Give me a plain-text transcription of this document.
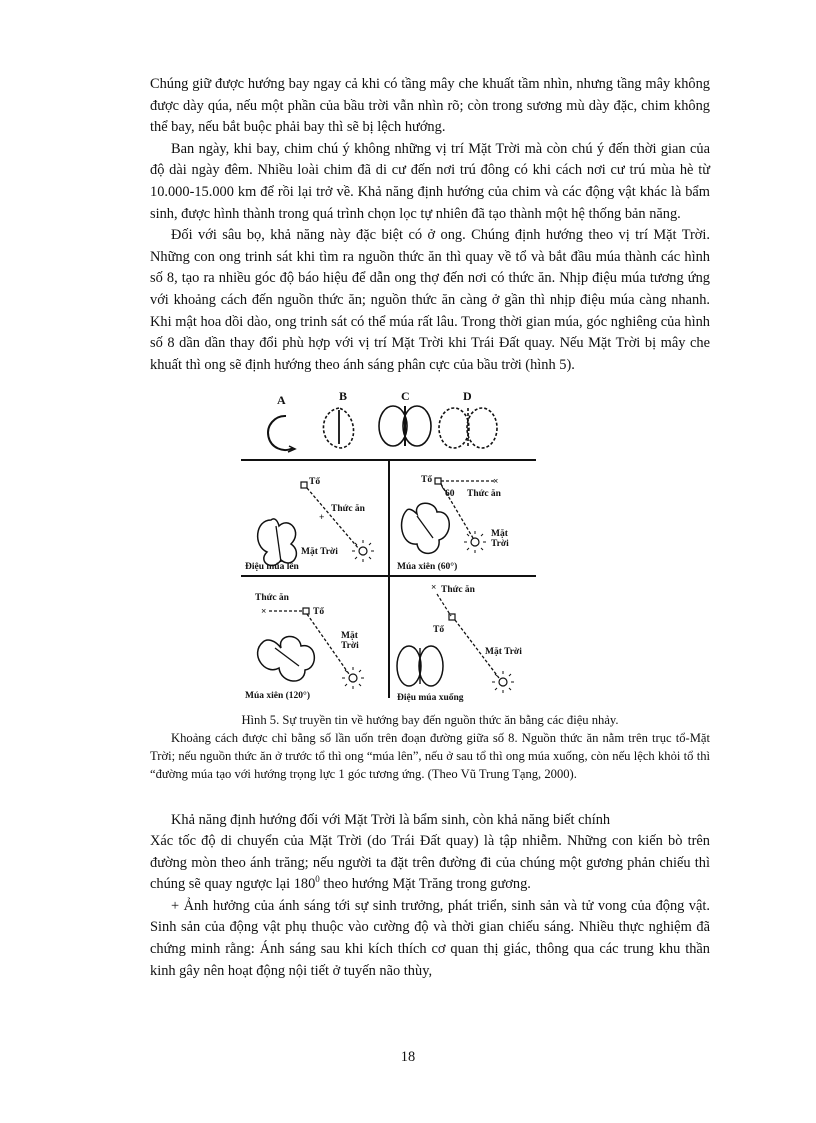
Chúng giữ được hướng bay ngay cả khi có tầng mây che khuất tầm nhìn, nhưng tầng mây không được dày qúa, nếu một phần của bầu trời vẫn nhìn rõ; còn trong sương mù dày đặc, chim không thể bay, nếu bắt buộc phải bay thì sẽ bị lệch hướng.

Ban ngày, khi bay, chim chú ý không những vị trí Mặt Trời mà còn chú ý đến thời gian của độ dài ngày đêm. Nhiều loài chim đã di cư đến nơi trú đông có khi cách nơi cư trú mùa hè từ 10.000-15.000 km để rồi lại trở về. Khả năng định hướng của chim và các động vật khác là bẩm sinh, được hình thành trong quá trình chọn lọc tự nhiên đã tạo thành một hệ thống bản năng.

Đối với sâu bọ, khả năng này đặc biệt có ở ong. Chúng định hướng theo vị trí Mặt Trời. Những con ong trinh sát khi tìm ra nguồn thức ăn thì quay về tổ và bắt đầu múa thành các hình số 8, tạo ra nhiều góc độ báo hiệu để dẫn ong thợ đến nơi có thức ăn. Nhịp điệu múa tương ứng với khoảng cách đến nguồn thức ăn; nguồn thức ăn càng ở gần thì nhịp điệu múa càng nhanh. Khi mật hoa dồi dào, ong trinh sát có thể múa rất lâu. Trong thời gian múa, góc nghiêng của hình số 8 dần dần thay đổi phù hợp với vị trí Mặt Trời khi Trái Đất quay. Nếu Mặt Trời bị mây che khuất thì ong sẽ định hướng theo ánh sáng phân cực của bầu trời (hình 5).

A	B	C	D
Tổ
Thức ăn
+
Mặt Trời
Điệu múa lên
Tổ
60
×
Thức ăn
Mặt
Trời
Múa xiên (60°)
Thức ăn
×	Tổ
Mặt
Trời
Múa xiên (120°)
× Thức ăn
Tổ
Mặt Trời
Điệu múa xuống

Hình 5. Sự truyền tin về hướng bay đến nguồn thức ăn bằng các điệu nhảy.

Khoảng cách được chỉ bằng số lần uốn trên đoạn đường giữa số 8. Nguồn thức ăn nằm trên trục tổ-Mặt Trời; nếu nguồn thức ăn ở trước tổ thì ong “múa lên”, nếu ở sau tổ thì ong múa xuống, còn nếu lệch khỏi tổ thì “đường múa tạo với hướng trọng lực 1 góc tương ứng. (Theo Vũ Trung Tạng, 2000).

Khả năng định hướng đối với Mặt Trời là bẩm sinh, còn khả năng biết chính

Xác tốc độ di chuyển của Mặt Trời (do Trái Đất quay) là tập nhiễm. Những con kiến bò trên đường mòn theo ánh trăng; nếu người ta đặt trên đường đi của chúng một gương phản chiếu thì chúng sẽ quay ngược lại $180^0$ theo hướng Mặt Trăng trong gương.

+ Ảnh hưởng của ánh sáng tới sự sinh trưởng, phát triển, sinh sản và tử vong của động vật. Sinh sản của động vật phụ thuộc vào cường độ và thời gian chiếu sáng. Nhiều thực nghiệm đã chứng minh rằng: Ánh sáng sau khi kích thích cơ quan thị giác, thông qua các trung khu thần kinh gây nên hoạt động nội tiết ở tuyến não thùy,

18
